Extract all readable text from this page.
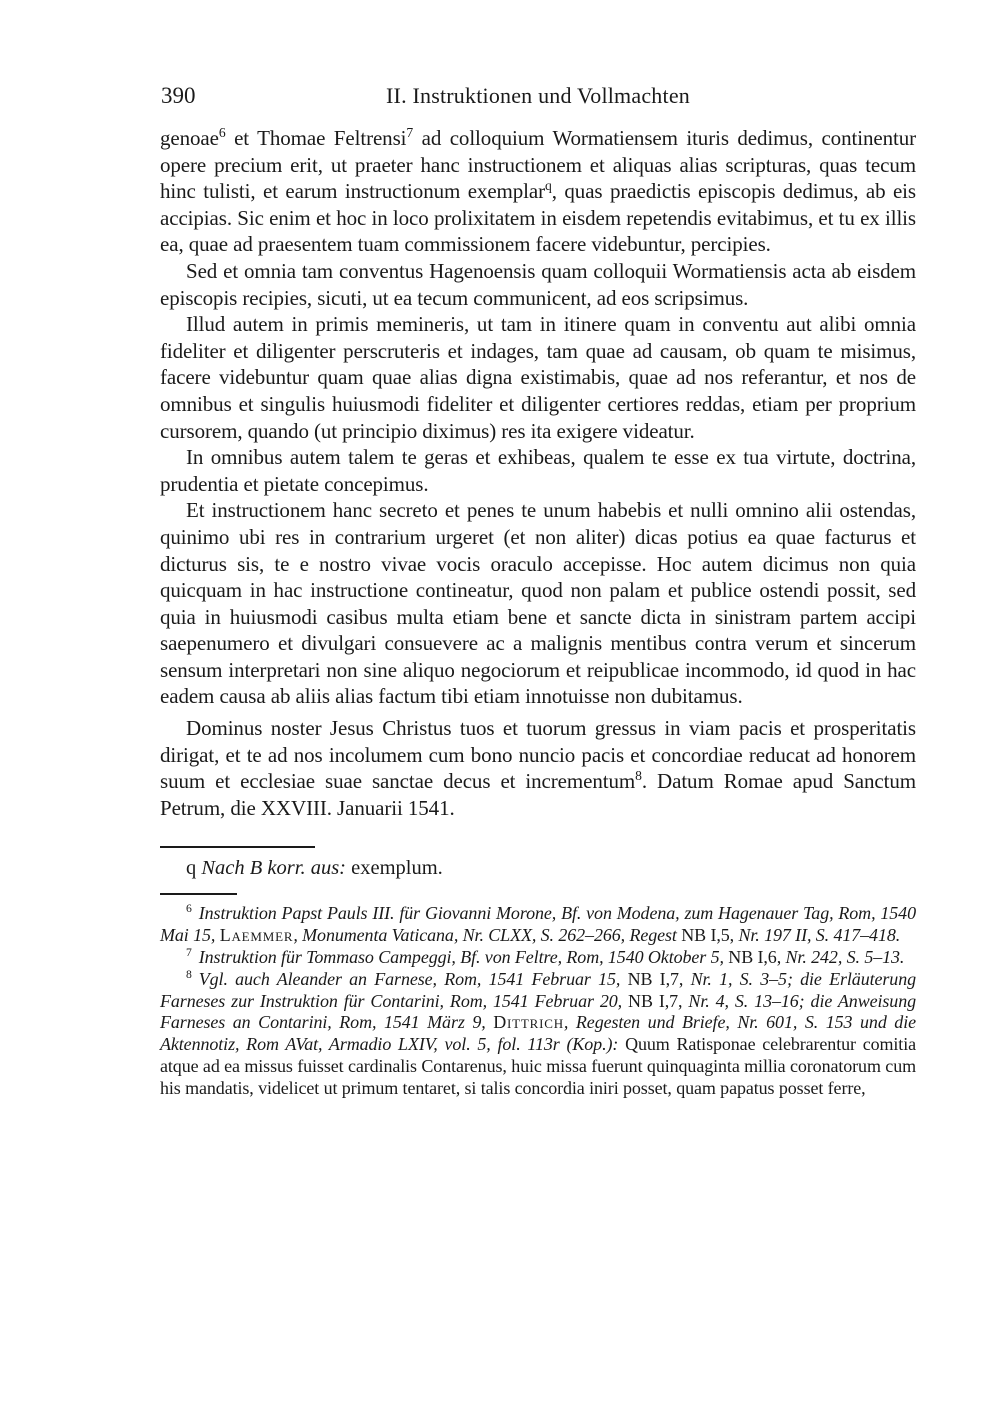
390	II. Instruktionen und Vollmachten

genoae$^6$ et Thomae Feltrensi$^7$ ad colloquium Wormatiensem ituris dedimus, continentur opere precium erit, ut praeter hanc instructionem et aliquas alias scripturas, quas tecum hinc tulisti, et earum instructionum exemplar$^q$, quas praedictis episcopis dedimus, ab eis accipias. Sic enim et hoc in loco prolixitatem in eisdem repetendis evitabimus, et tu ex illis ea, quae ad praesentem tuam commissionem facere videbuntur, percipies.

Sed et omnia tam conventus Hagenoensis quam colloquii Wormatiensis acta ab eisdem episcopis recipies, sicuti, ut ea tecum communicent, ad eos scripsimus.

Illud autem in primis memineris, ut tam in itinere quam in conventu aut alibi omnia fideliter et diligenter perscruteris et indages, tam quae ad causam, ob quam te misimus, facere videbuntur quam quae alias digna existimabis, quae ad nos referantur, et nos de omnibus et singulis huiusmodi fideliter et diligenter certiores reddas, etiam per proprium cursorem, quando (ut principio diximus) res ita exigere videatur.

In omnibus autem talem te geras et exhibeas, qualem te esse ex tua virtute, doctrina, prudentia et pietate concepimus.

Et instructionem hanc secreto et penes te unum habebis et nulli omnino alii ostendas, quinimo ubi res in contrarium urgeret (et non aliter) dicas potius ea quae facturus et dicturus sis, te e nostro vivae vocis oraculo accepisse. Hoc autem dicimus non quia quicquam in hac instructione contineatur, quod non palam et publice ostendi possit, sed quia in huiusmodi casibus multa etiam bene et sancte dicta in sinistram partem accipi saepenumero et divulgari consuevere ac a malignis mentibus contra verum et sincerum sensum interpretari non sine aliquo negociorum et reipublicae incommodo, id quod in hac eadem causa ab aliis alias factum tibi etiam innotuisse non dubitamus.

Dominus noster Jesus Christus tuos et tuorum gressus in viam pacis et prosperitatis dirigat, et te ad nos incolumem cum bono nuncio pacis et concordiae reducat ad honorem suum et ecclesiae suae sanctae decus et incrementum$^8$. Datum Romae apud Sanctum Petrum, die XXVIII. Januarii 1541.

q Nach B korr. aus: exemplum.

$^6$ Instruktion Papst Pauls III. für Giovanni Morone, Bf. von Modena, zum Hagenauer Tag, Rom, 1540 Mai 15, Laemmer, Monumenta Vaticana, Nr. CLXX, S. 262–266, Regest NB I,5, Nr. 197 II, S. 417–418.

$^7$ Instruktion für Tommaso Campeggi, Bf. von Feltre, Rom, 1540 Oktober 5, NB I,6, Nr. 242, S. 5–13.

$^8$ Vgl. auch Aleander an Farnese, Rom, 1541 Februar 15, NB I,7, Nr. 1, S. 3–5; die Erläuterung Farneses zur Instruktion für Contarini, Rom, 1541 Februar 20, NB I,7, Nr. 4, S. 13–16; die Anweisung Farneses an Contarini, Rom, 1541 März 9, Dittrich, Regesten und Briefe, Nr. 601, S. 153 und die Aktennotiz, Rom AVat, Armadio LXIV, vol. 5, fol. 113r (Kop.): Quum Ratisponae celebrarentur comitia atque ad ea missus fuisset cardinalis Contarenus, huic missa fuerunt quinquaginta millia coronatorum cum his mandatis, videlicet ut primum tentaret, si talis concordia iniri posset, quam papatus posset ferre,
